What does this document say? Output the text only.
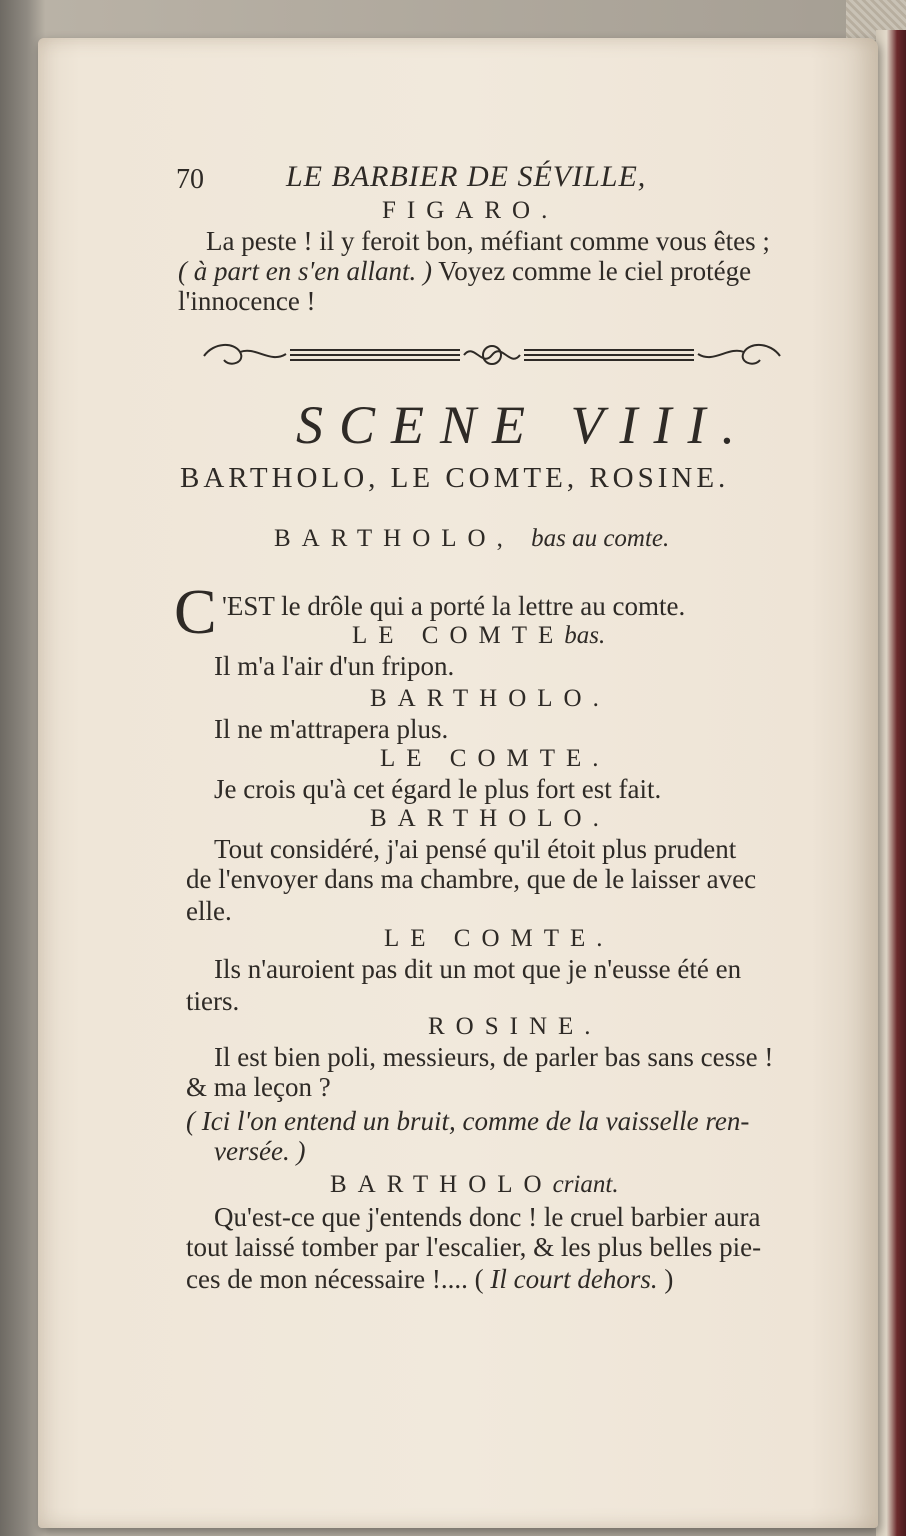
70	LE BARBIER DE SÉVILLE,
FIGARO.
La peste ! il y feroit bon, méfiant comme vous êtes ;
( à part en s'en allant. ) Voyez comme le ciel protége
l'innocence !
SCENE VIII.
BARTHOLO, LE COMTE, ROSINE.
BARTHOLO, bas au comte.
C 'EST le drôle qui a porté la lettre au comte.
LE COMTEbas.
Il m'a l'air d'un fripon.
BARTHOLO.
Il ne m'attrapera plus.
LE COMTE.
Je crois qu'à cet égard le plus fort est fait.
BARTHOLO.
Tout considéré, j'ai pensé qu'il étoit plus prudent
de l'envoyer dans ma chambre, que de le laisser avec
elle.
LE COMTE.
Ils n'auroient pas dit un mot que je n'eusse été en
tiers.
ROSINE.
Il est bien poli, messieurs, de parler bas sans cesse !
& ma leçon ?
( Ici l'on entend un bruit, comme de la vaisselle ren-
versée. )
BARTHOLOcriant.
Qu'est-ce que j'entends donc ! le cruel barbier aura
tout laissé tomber par l'escalier, & les plus belles pie-
ces de mon nécessaire !.... ( Il court dehors. )
